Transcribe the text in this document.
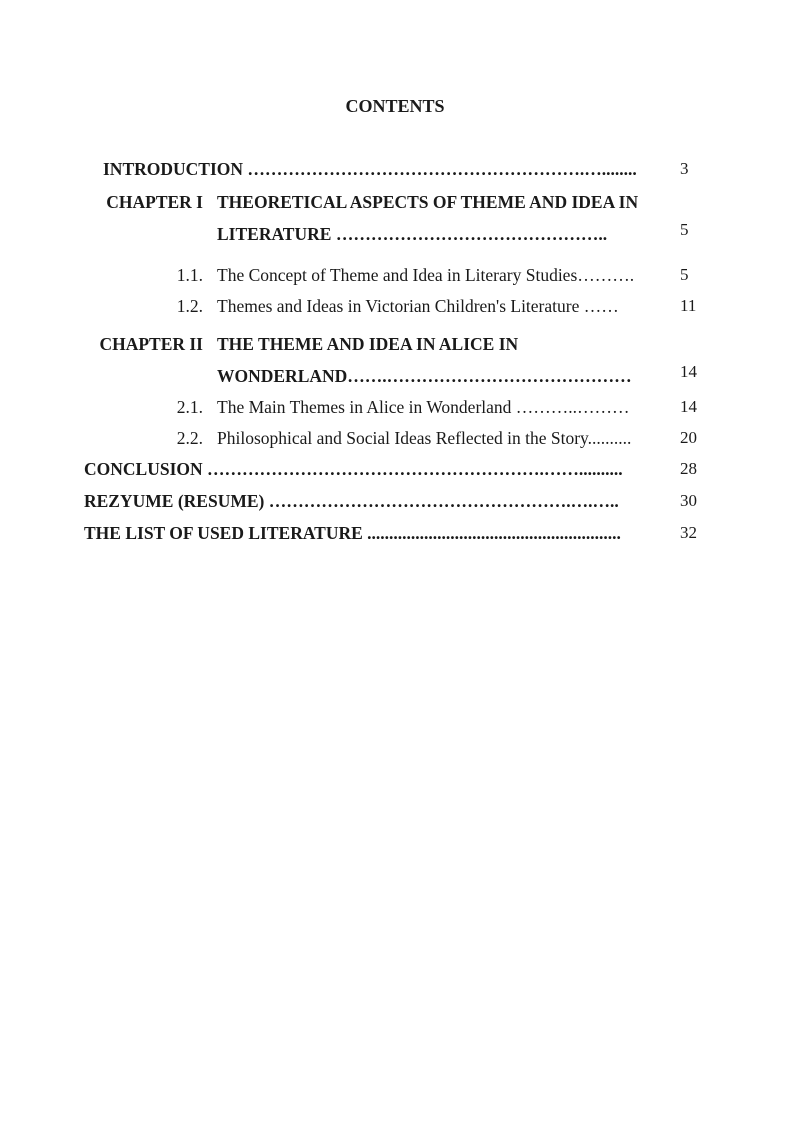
CONTENTS
INTRODUCTION ………………………………………………….…........	3
CHAPTER I THEORETICAL ASPECTS OF THEME AND IDEA IN
LITERATURE ………………………………………..	5
1.1. The Concept of Theme and Idea in Literary Studies……….	5
1.2. Themes and Ideas in Victorian Children's Literature ……	11
CHAPTER II THE THEME AND IDEA IN ALICE IN
WONDERLAND…….……………………………………	14
2.1. The Main Themes in Alice in Wonderland ………..………	14
2.2. Philosophical and Social Ideas Reflected in the Story..........	20
CONCLUSION ………………………………………………….……..........	28
REZYUME (RESUME) …………………………………………….….…..	30
THE LIST OF USED LITERATURE ..........................................................	32
